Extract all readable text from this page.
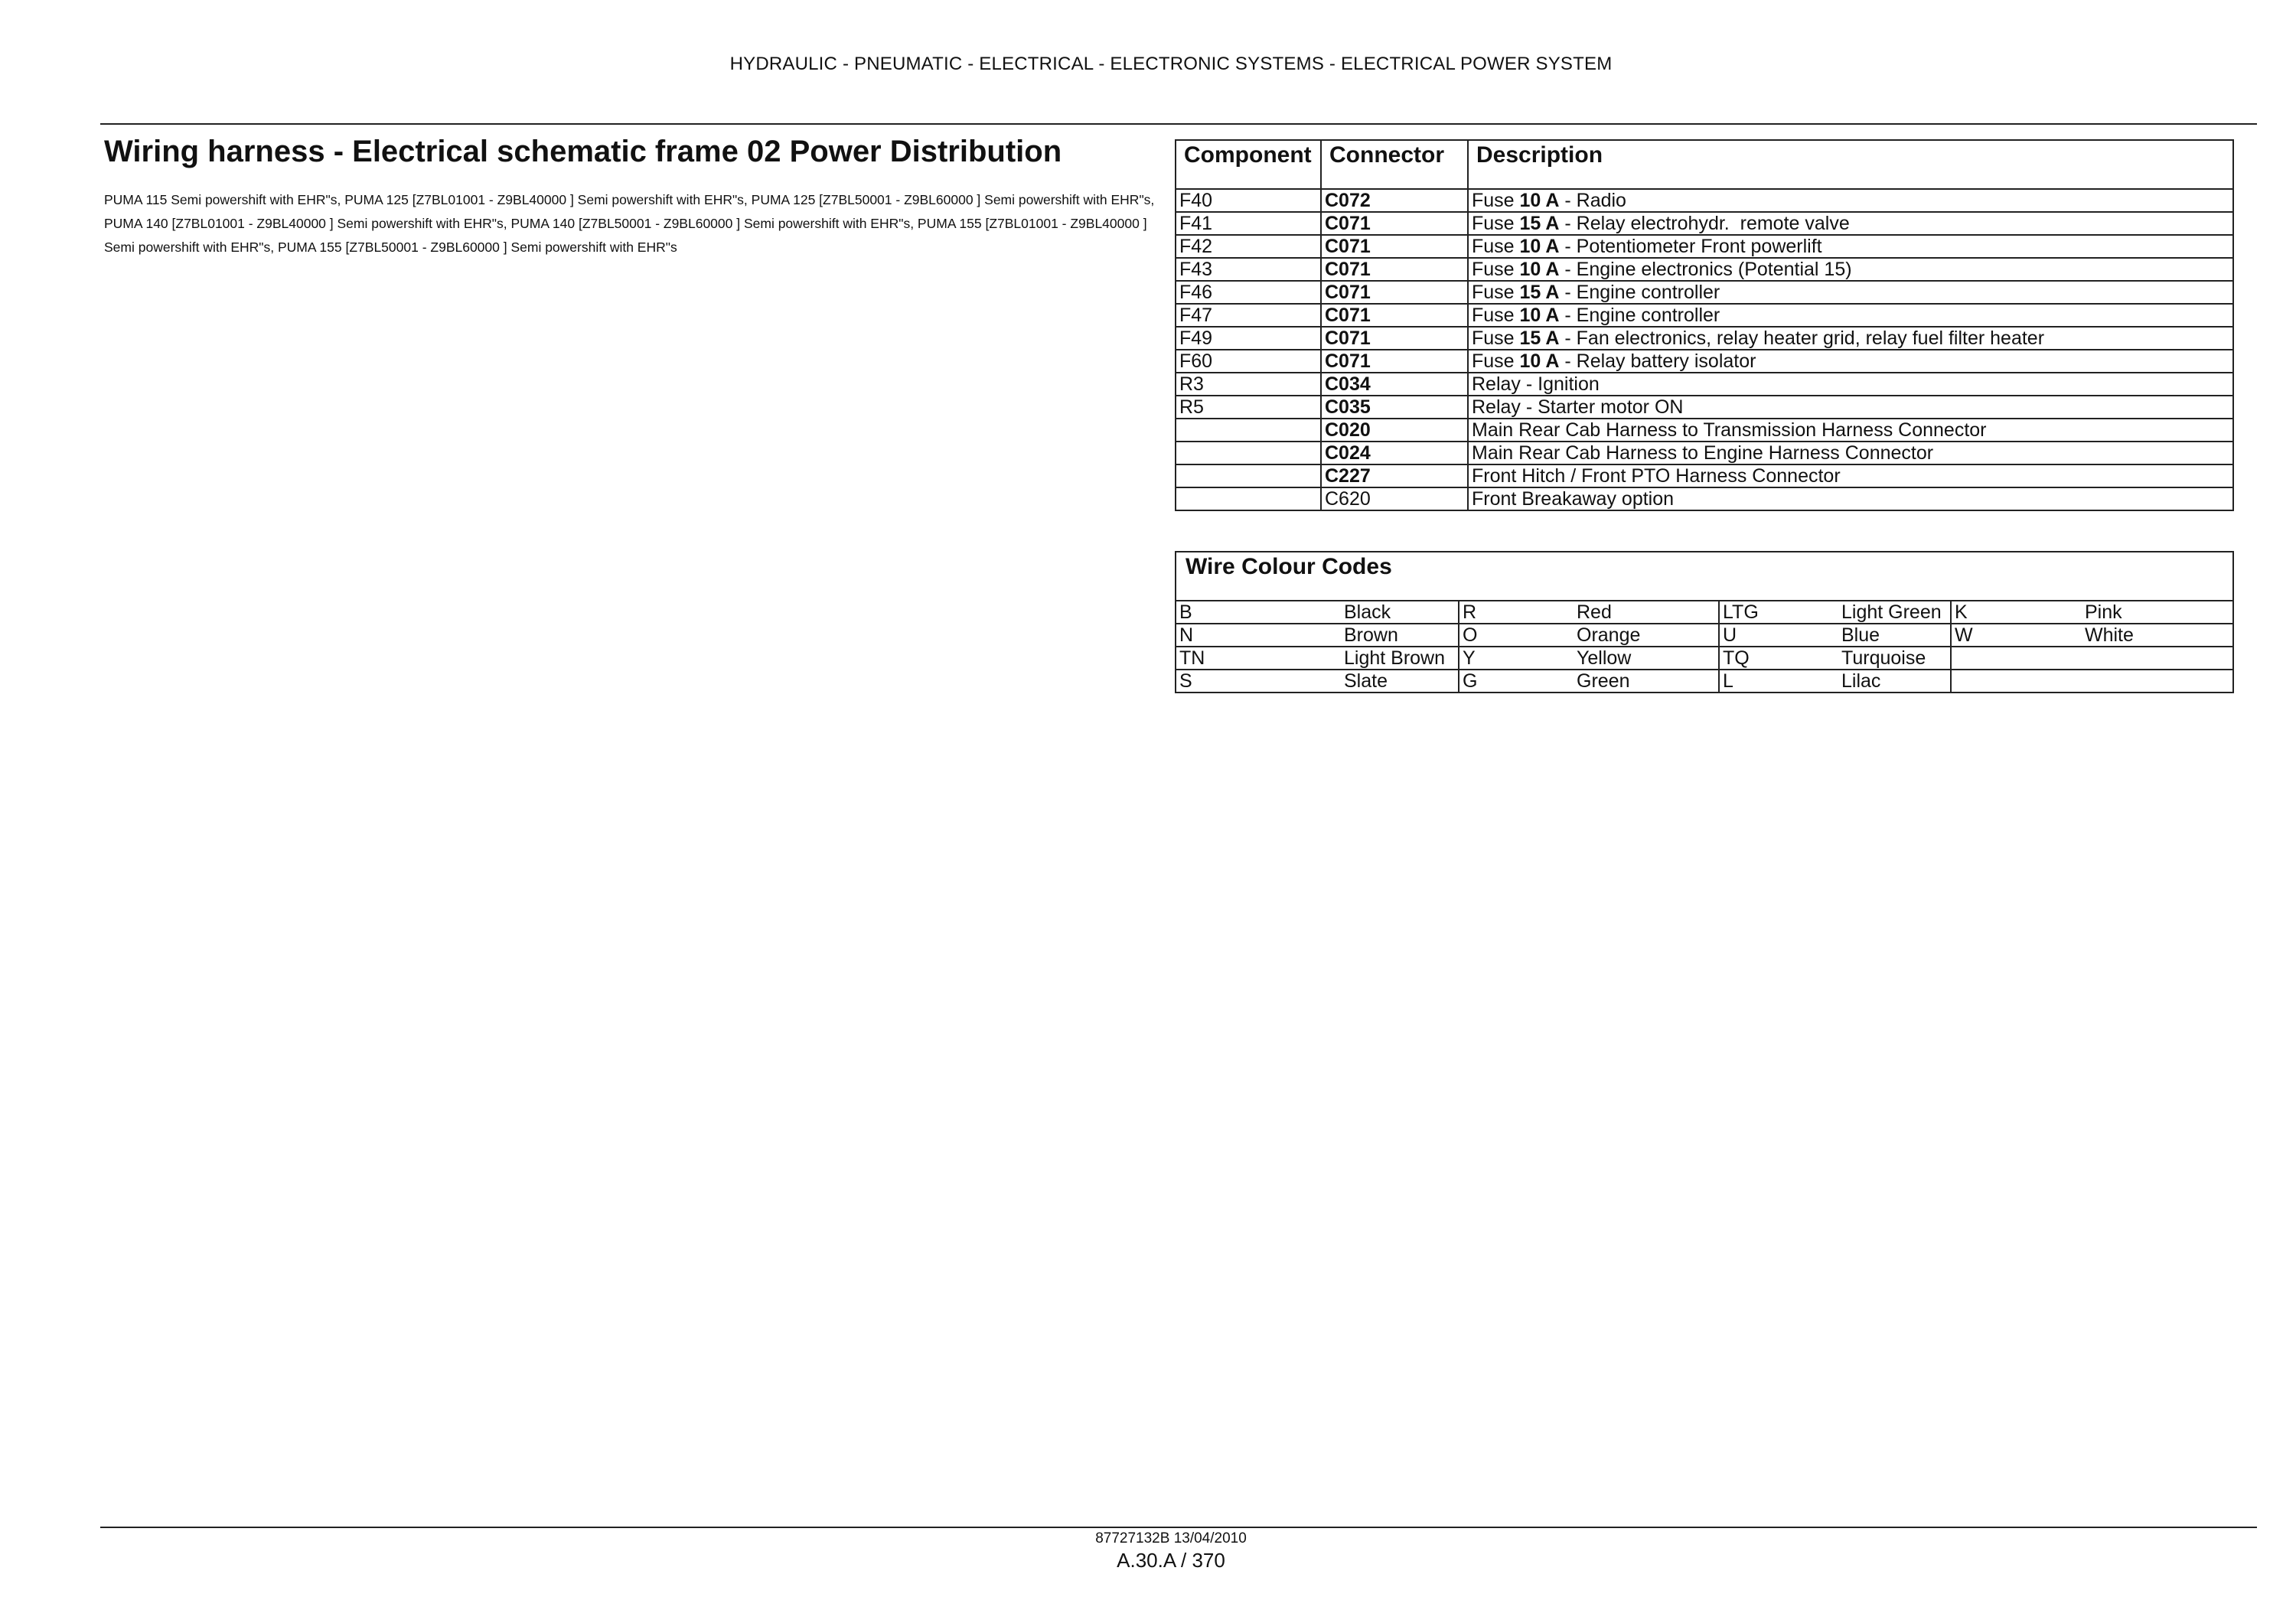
HYDRAULIC - PNEUMATIC - ELECTRICAL - ELECTRONIC SYSTEMS - ELECTRICAL POWER SYSTEM
Wiring harness - Electrical schematic frame 02 Power Distribution
PUMA 115 Semi powershift with EHR"s, PUMA 125 [Z7BL01001 - Z9BL40000 ] Semi powershift with EHR"s, PUMA 125 [Z7BL50001 - Z9BL60000 ] Semi powershift with EHR"s, PUMA 140 [Z7BL01001 - Z9BL40000 ] Semi powershift with EHR"s, PUMA 140 [Z7BL50001 - Z9BL60000 ] Semi powershift with EHR"s, PUMA 155 [Z7BL01001 - Z9BL40000 ] Semi powershift with EHR"s, PUMA 155 [Z7BL50001 - Z9BL60000 ] Semi powershift with EHR"s
Component	Connector	Description
F40	C072	Fuse 10 A - Radio
F41	C071	Fuse 15 A - Relay electrohydr.  remote valve
F42	C071	Fuse 10 A - Potentiometer Front powerlift
F43	C071	Fuse 10 A - Engine electronics (Potential 15)
F46	C071	Fuse 15 A - Engine controller
F47	C071	Fuse 10 A - Engine controller
F49	C071	Fuse 15 A - Fan electronics, relay heater grid, relay fuel filter heater
F60	C071	Fuse 10 A - Relay battery isolator
R3	C034	Relay - Ignition
R5	C035	Relay - Starter motor ON
	C020	Main Rear Cab Harness to Transmission Harness Connector
	C024	Main Rear Cab Harness to Engine Harness Connector
	C227	Front Hitch / Front PTO Harness Connector
	C620	Front Breakaway option
Wire Colour Codes							
B	Black	R	Red	LTG	Light Green	K	Pink
N	Brown	O	Orange	U	Blue	W	White
TN	Light Brown	Y	Yellow	TQ	Turquoise		
S	Slate	G	Green	L	Lilac		
87727132B 13/04/2010
A.30.A / 370
